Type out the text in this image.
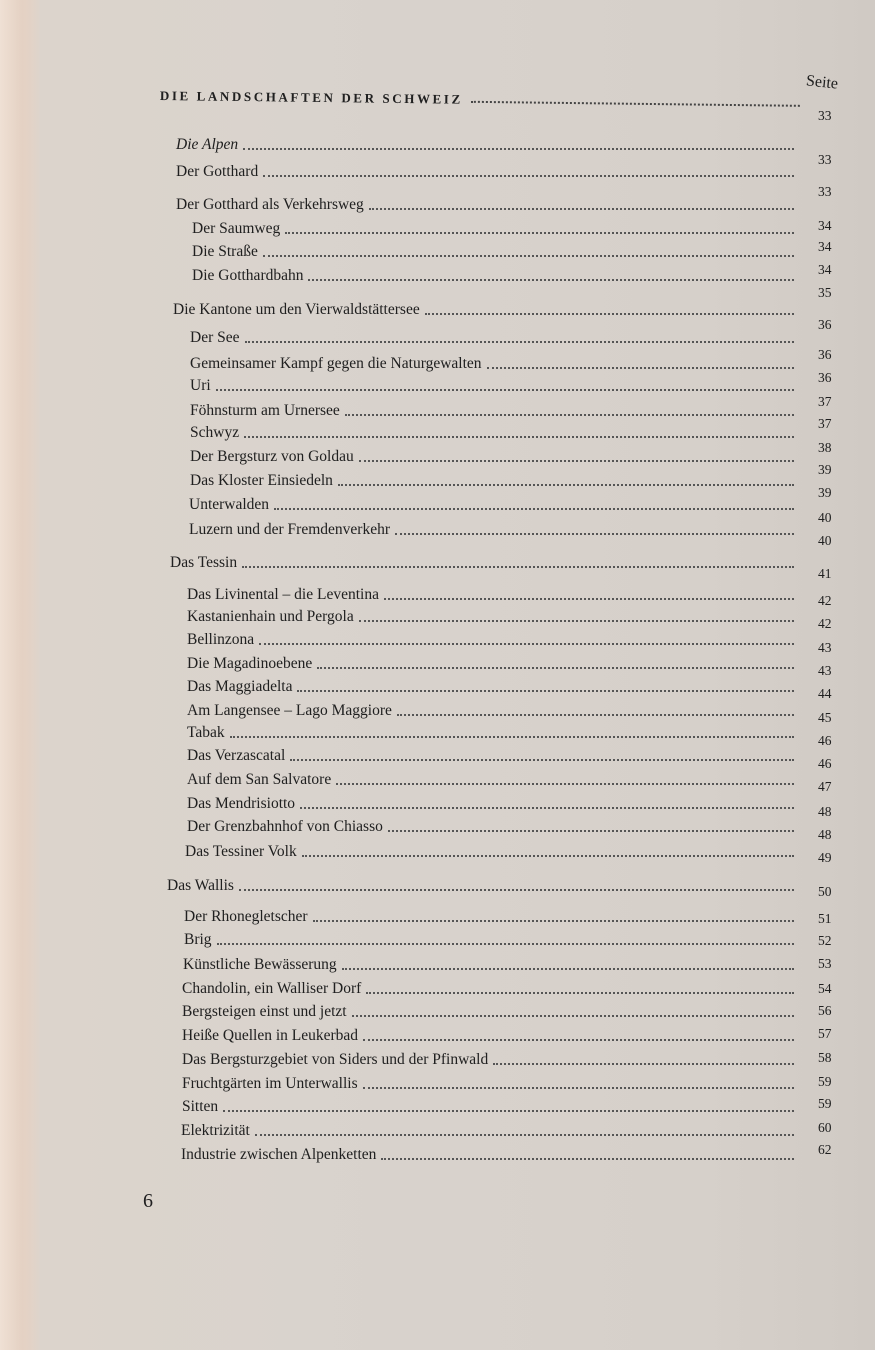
DIE LANDSCHAFTEN DER SCHWEIZ
Seite
6
Die Alpen
Der Gotthard
Der Gotthard als Verkehrsweg
Der Saumweg
Die Straße
Die Gotthardbahn
Die Kantone um den Vierwaldstättersee
Der See
Gemeinsamer Kampf gegen die Naturgewalten
Uri
Föhnsturm am Urnersee
Schwyz
Der Bergsturz von Goldau
Das Kloster Einsiedeln
Unterwalden
Luzern und der Fremdenverkehr
Das Tessin
Das Livinental – die Leventina
Kastanienhain und Pergola
Bellinzona
Die Magadinoebene
Das Maggiadelta
Am Langensee – Lago Maggiore
Tabak
Das Verzascatal
Auf dem San Salvatore
Das Mendrisiotto
Der Grenzbahnhof von Chiasso
Das Tessiner Volk
Das Wallis
Der Rhonegletscher
Brig
Künstliche Bewässerung
Chandolin, ein Walliser Dorf
Bergsteigen einst und jetzt
Heiße Quellen in Leukerbad
Das Bergsturzgebiet von Siders und der Pfinwald
Fruchtgärten im Unterwallis
Sitten
Elektrizität
Industrie zwischen Alpenketten
33
33
33
34
34
34
35
36
36
36
37
37
38
39
39
40
40
41
42
42
43
43
44
45
46
46
47
48
48
49
50
51
52
53
54
56
57
58
59
59
60
62
